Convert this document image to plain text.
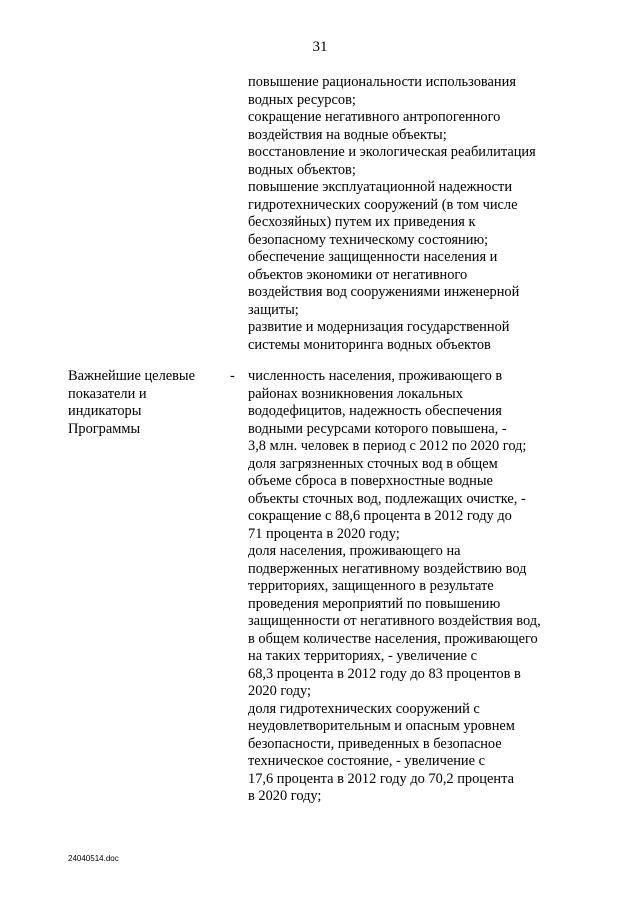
31
повышение рациональности использования
водных ресурсов;
сокращение негативного антропогенного
воздействия на водные объекты;
восстановление и экологическая реабилитация
водных объектов;
повышение эксплуатационной надежности
гидротехнических сооружений (в том числе
бесхозяйных) путем их приведения к
безопасному техническому состоянию;
обеспечение защищенности населения и
объектов экономики от негативного
воздействия вод сооружениями инженерной
защиты;
развитие и модернизация государственной
системы мониторинга водных объектов
Важнейшие целевые
показатели и
индикаторы
Программы
- численность населения, проживающего в
районах возникновения локальных
вододефицитов, надежность обеспечения
водными ресурсами которого повышена, -
3,8 млн. человек в период с 2012 по 2020 год;
доля загрязненных сточных вод в общем
объеме сброса в поверхностные водные
объекты сточных вод, подлежащих очистке, -
сокращение с 88,6 процента в 2012 году до
71 процента в 2020 году;
доля населения, проживающего на
подверженных негативному воздействию вод
территориях, защищенного в результате
проведения мероприятий по повышению
защищенности от негативного воздействия вод,
в общем количестве населения, проживающего
на таких территориях, - увеличение с
68,3 процента в 2012 году до 83 процентов в
2020 году;
доля гидротехнических сооружений с
неудовлетворительным и опасным уровнем
безопасности, приведенных в безопасное
техническое состояние, - увеличение с
17,6 процента в 2012 году до 70,2 процента
в 2020 году;
24040514.doc
